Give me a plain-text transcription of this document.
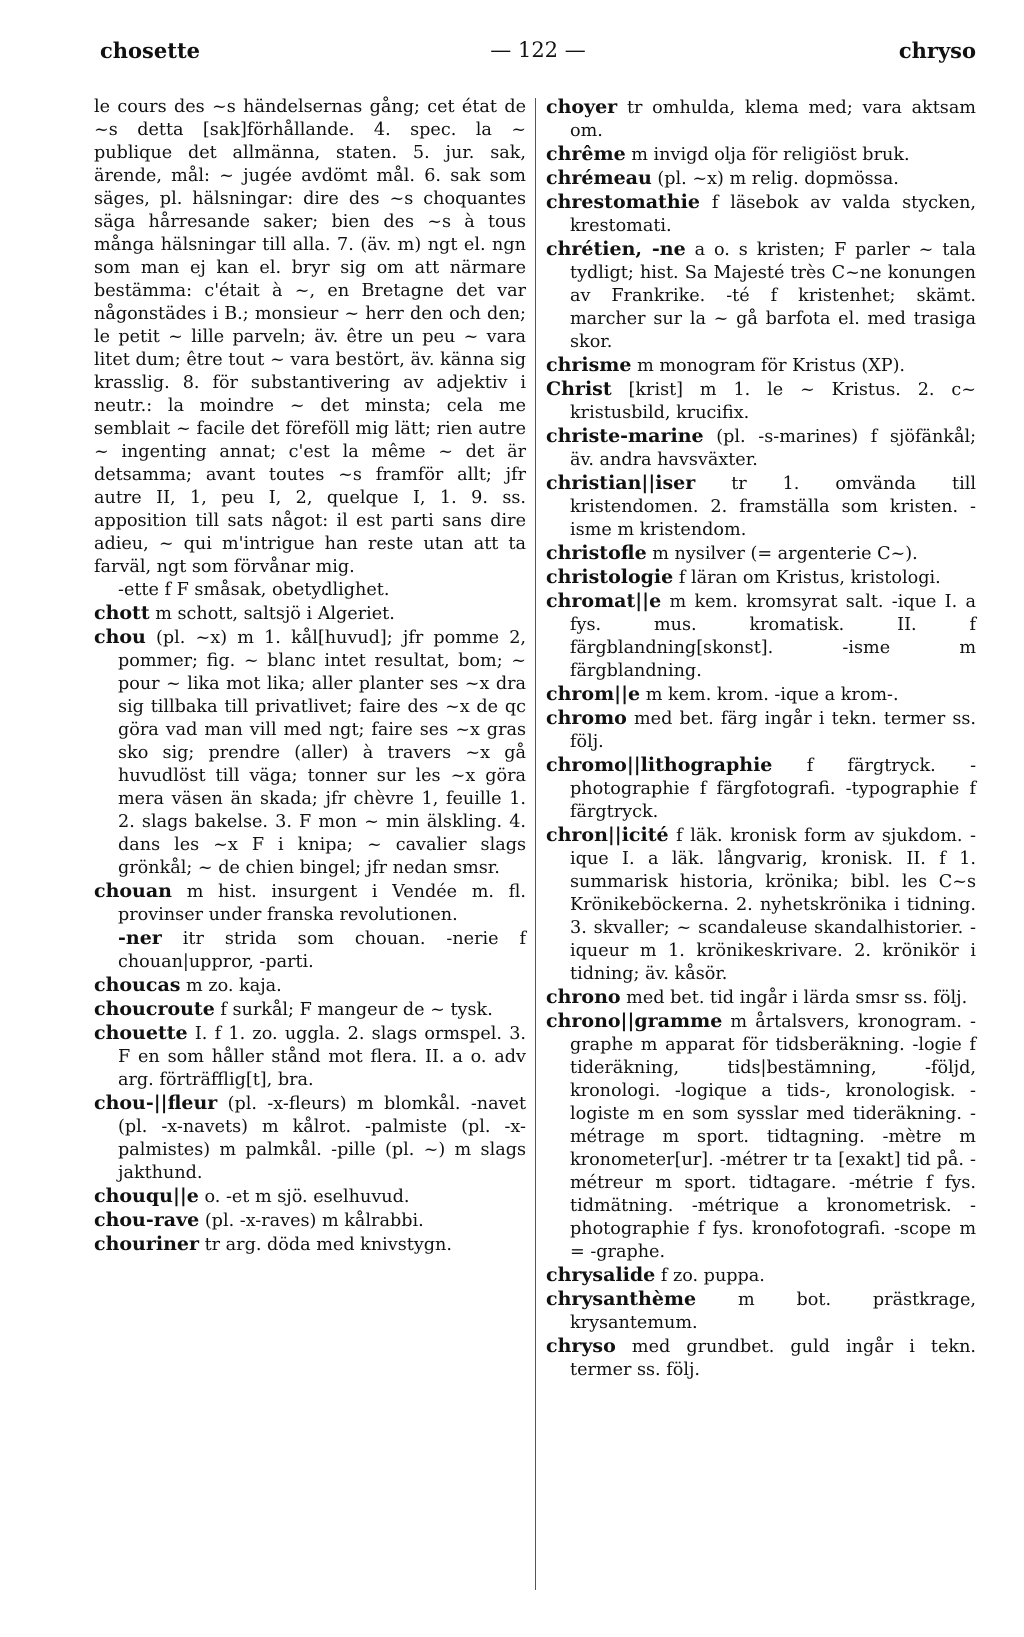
chosette	— 122 —	chryso

le cours des ~s händelsernas gång; cet état de ~s detta [sak]förhållande. 4. spec. la ~ publique det allmänna, staten. 5. jur. sak, ärende, mål: ~ jugée avdömt mål. 6. sak som säges, pl. hälsningar: dire des ~s choquantes säga hårresande saker; bien des ~s à tous många hälsningar till alla. 7. (äv. m) ngt el. ngn som man ej kan el. bryr sig om att närmare bestämma: c'était à ~, en Bretagne det var någonstädes i B.; monsieur ~ herr den och den; le petit ~ lille parveln; äv. être un peu ~ vara litet dum; être tout ~ vara bestört, äv. känna sig krasslig. 8. för substantivering av adjektiv i neutr.: la moindre ~ det minsta; cela me semblait ~ facile det föreföll mig lätt; rien autre ~ ingenting annat; c'est la même ~ det är detsamma; avant toutes ~s framför allt; jfr autre II, 1, peu I, 2, quelque I, 1. 9. ss. apposition till sats något: il est parti sans dire adieu, ~ qui m'intrigue han reste utan att ta farväl, ngt som förvånar mig.

-ette f F småsak, obetydlighet.

chott m schott, saltsjö i Algeriet.

chou (pl. ~x) m 1. kål[huvud]; jfr pomme 2, pommer; fig. ~ blanc intet resultat, bom; ~ pour ~ lika mot lika; aller planter ses ~x dra sig tillbaka till privatlivet; faire des ~x de qc göra vad man vill med ngt; faire ses ~x gras sko sig; prendre (aller) à travers ~x gå huvudlöst till väga; tonner sur les ~x göra mera väsen än skada; jfr chèvre 1, feuille 1. 2. slags bakelse. 3. F mon ~ min älskling. 4. dans les ~x F i knipa; ~ cavalier slags grönkål; ~ de chien bingel; jfr nedan smsr.

chouan m hist. insurgent i Vendée m. fl. provinser under franska revolutionen.

-ner itr strida som chouan. -nerie f chouan|uppror, -parti.

choucas m zo. kaja.

choucroute f surkål; F mangeur de ~ tysk.

chouette I. f 1. zo. uggla. 2. slags ormspel. 3. F en som håller stånd mot flera. II. a o. adv arg. förträfflig[t], bra.

chou-||fleur (pl. -x-fleurs) m blomkål. -navet (pl. -x-navets) m kålrot. -palmiste (pl. -x-palmistes) m palmkål. -pille (pl. ~) m slags jakthund.

chouqu||e o. -et m sjö. eselhuvud.

chou-rave (pl. -x-raves) m kålrabbi.

chouriner tr arg. döda med knivstygn.

choyer tr omhulda, klema med; vara aktsam om.

chrême m invigd olja för religiöst bruk.

chrémeau (pl. ~x) m relig. dopmössa.

chrestomathie f läsebok av valda stycken, krestomati.

chrétien, -ne a o. s kristen; F parler ~ tala tydligt; hist. Sa Majesté très C~ne konungen av Frankrike. -té f kristenhet; skämt. marcher sur la ~ gå barfota el. med trasiga skor.

chrisme m monogram för Kristus (XP).

Christ [krist] m 1. le ~ Kristus. 2. c~ kristusbild, krucifix.

christe-marine (pl. -s-marines) f sjöfänkål; äv. andra havsväxter.

christian||iser tr 1. omvända till kristendomen. 2. framställa som kristen. -isme m kristendom.

christofle m nysilver (= argenterie C~).

christologie f läran om Kristus, kristologi.

chromat||e m kem. kromsyrat salt. -ique I. a fys. mus. kromatisk. II. f färgblandning[skonst]. -isme m färgblandning.

chrom||e m kem. krom. -ique a krom-.

chromo med bet. färg ingår i tekn. termer ss. följ.

chromo||lithographie f färgtryck. -photographie f färgfotografi. -typographie f färgtryck.

chron||icité f läk. kronisk form av sjukdom. -ique I. a läk. långvarig, kronisk. II. f 1. summarisk historia, krönika; bibl. les C~s Krönikeböckerna. 2. nyhetskrönika i tidning. 3. skvaller; ~ scandaleuse skandalhistorier. -iqueur m 1. krönikeskrivare. 2. krönikör i tidning; äv. kåsör.

chrono med bet. tid ingår i lärda smsr ss. följ.

chrono||gramme m årtalsvers, kronogram. -graphe m apparat för tidsberäkning. -logie f tideräkning, tids|bestämning, -följd, kronologi. -logique a tids-, kronologisk. -logiste m en som sysslar med tideräkning. -métrage m sport. tidtagning. -mètre m kronometer[ur]. -métrer tr ta [exakt] tid på. -métreur m sport. tidtagare. -métrie f fys. tidmätning. -métrique a kronometrisk. -photographie f fys. kronofotografi. -scope m = -graphe.

chrysalide f zo. puppa.

chrysanthème m bot. prästkrage, krysantemum.

chryso med grundbet. guld ingår i tekn. termer ss. följ.
